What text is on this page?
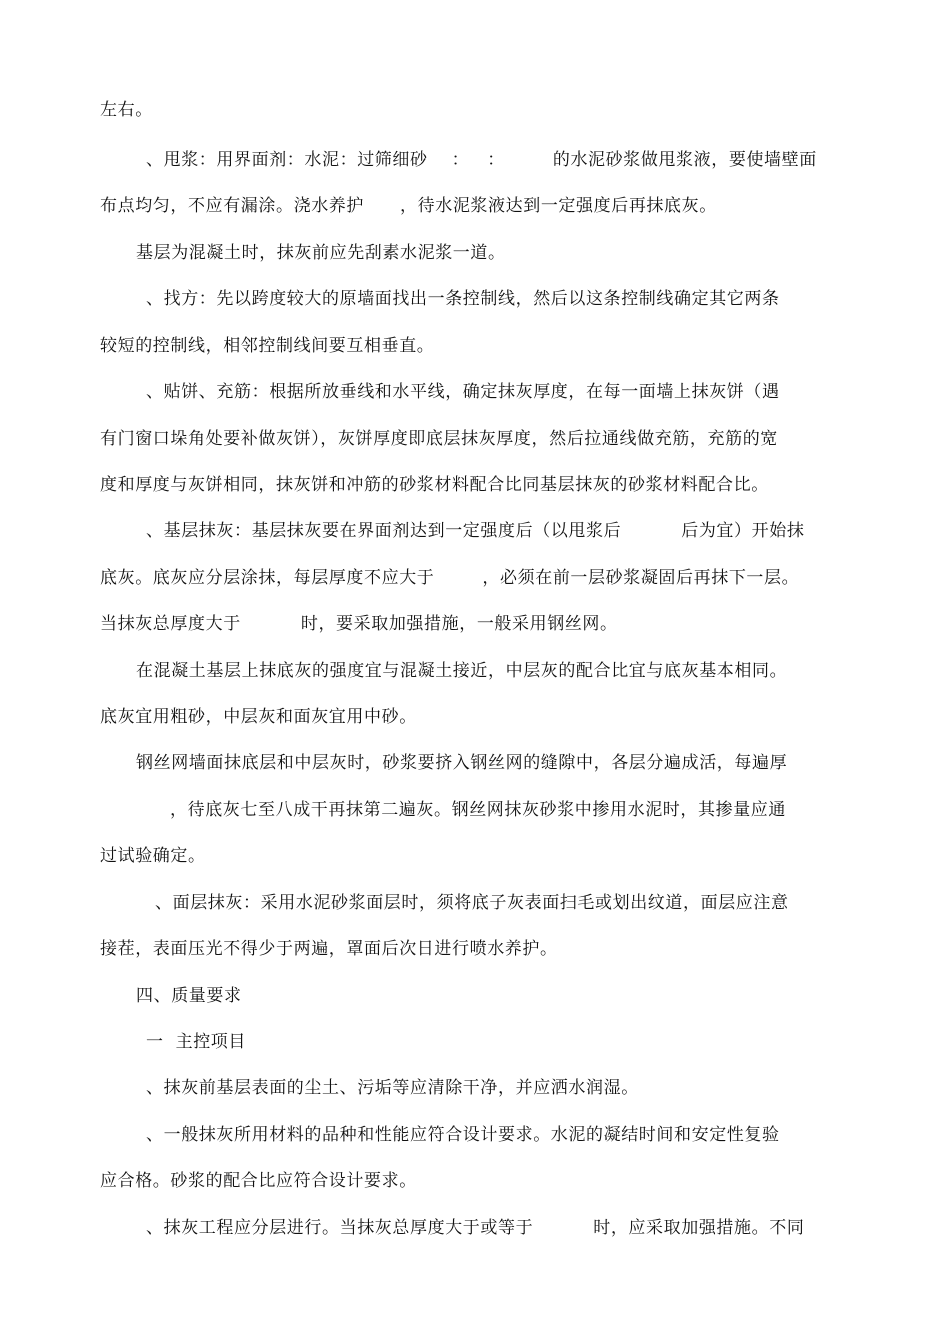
左右。
、甩浆：用界面剂：水泥：过筛细砂    ：   ：        的水泥砂浆做甩浆液，要使墙壁面
布点均匀，不应有漏涂。浇水养护      ，待水泥浆液达到一定强度后再抹底灰。
基层为混凝土时，抹灰前应先刮素水泥浆一道。
、找方：先以跨度较大的原墙面找出一条控制线，然后以这条控制线确定其它两条
较短的控制线，相邻控制线间要互相垂直。
、贴饼、充筋：根据所放垂线和水平线，确定抹灰厚度，在每一面墙上抹灰饼（遇
有门窗口垛角处要补做灰饼），灰饼厚度即底层抹灰厚度，然后拉通线做充筋，充筋的宽
度和厚度与灰饼相同，抹灰饼和冲筋的砂浆材料配合比同基层抹灰的砂浆材料配合比。
、基层抹灰：基层抹灰要在界面剂达到一定强度后（以甩浆后          后为宜）开始抹
底灰。底灰应分层涂抹，每层厚度不应大于        ，必须在前一层砂浆凝固后再抹下一层。
当抹灰总厚度大于          时，要采取加强措施，一般采用钢丝网。
在混凝土基层上抹底灰的强度宜与混凝土接近，中层灰的配合比宜与底灰基本相同。
底灰宜用粗砂，中层灰和面灰宜用中砂。
钢丝网墙面抹底层和中层灰时，砂浆要挤入钢丝网的缝隙中，各层分遍成活，每遍厚
，待底灰七至八成干再抹第二遍灰。钢丝网抹灰砂浆中掺用水泥时，其掺量应通
过试验确定。
、面层抹灰：采用水泥砂浆面层时，须将底子灰表面扫毛或划出纹道，面层应注意
接茬，表面压光不得少于两遍，罩面后次日进行喷水养护。
四、质量要求
一  主控项目
、抹灰前基层表面的尘土、污垢等应清除干净，并应洒水润湿。
、一般抹灰所用材料的品种和性能应符合设计要求。水泥的凝结时间和安定性复验
应合格。砂浆的配合比应符合设计要求。
、抹灰工程应分层进行。当抹灰总厚度大于或等于          时，应采取加强措施。不同
